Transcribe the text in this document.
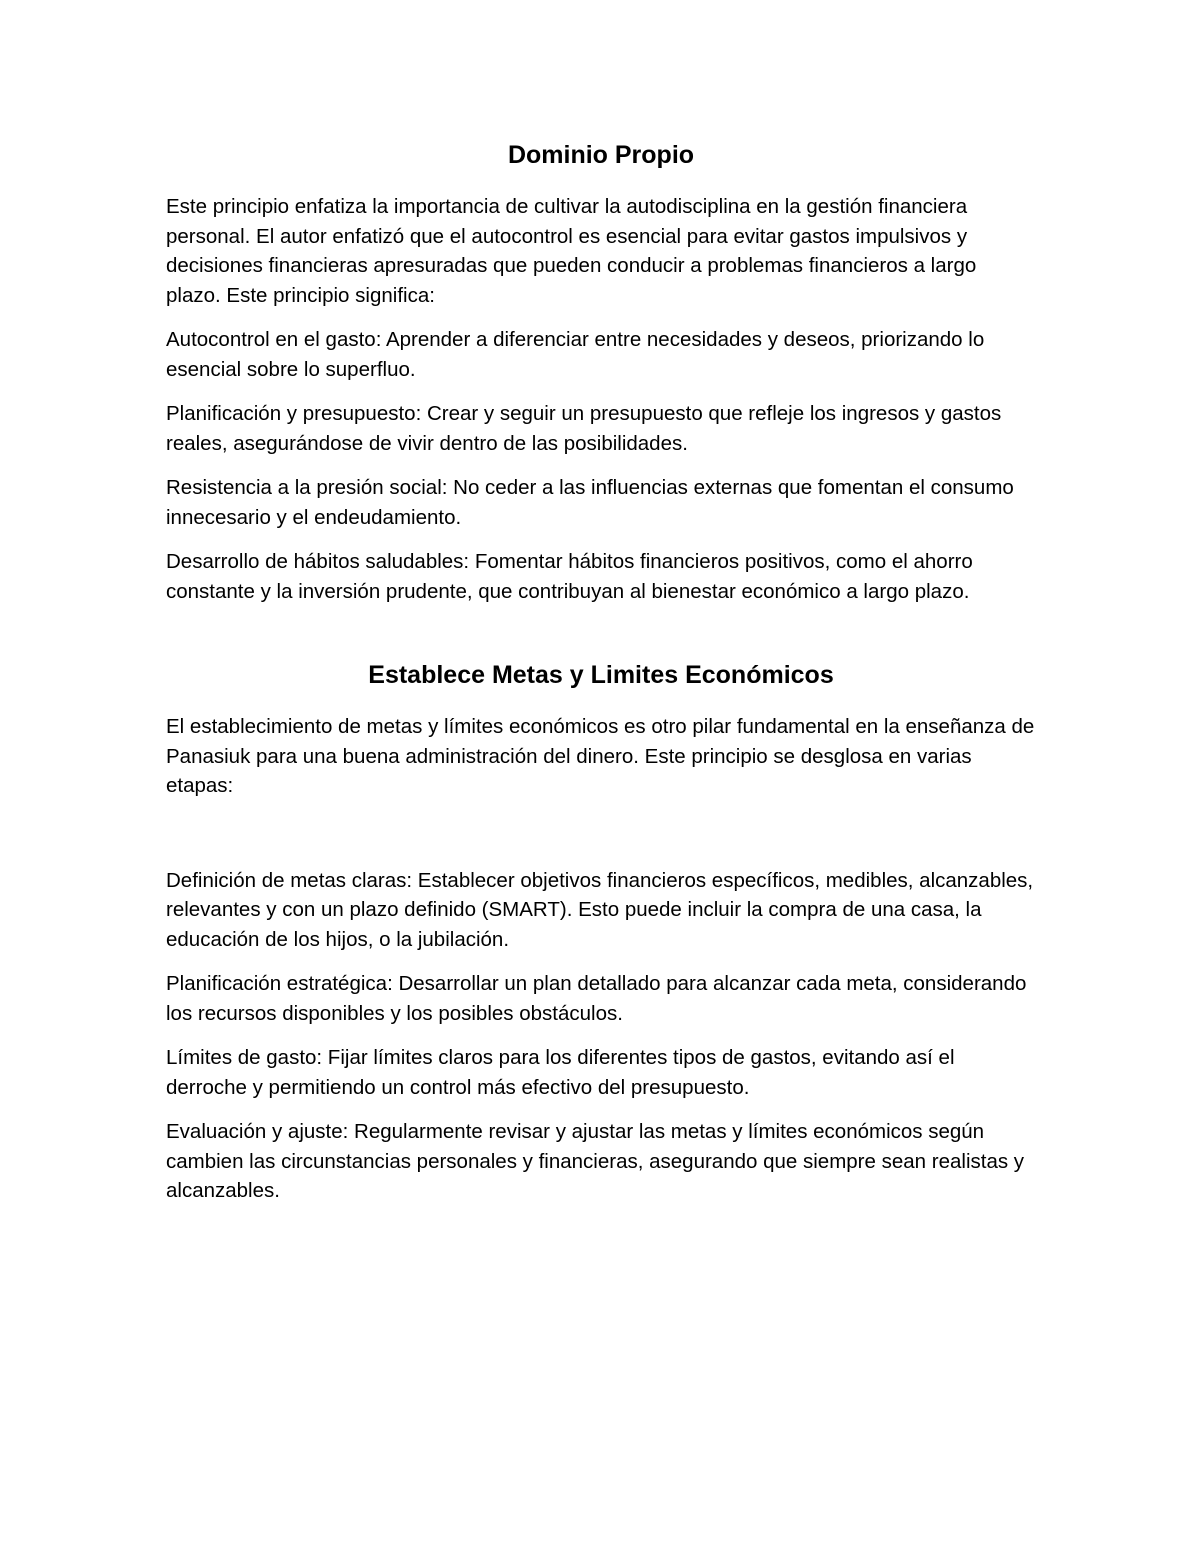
Dominio Propio

Este principio enfatiza la importancia de cultivar la autodisciplina en la gestión financiera personal. El autor enfatizó que el autocontrol es esencial para evitar gastos impulsivos y decisiones financieras apresuradas que pueden conducir a problemas financieros a largo plazo. Este principio significa:

Autocontrol en el gasto: Aprender a diferenciar entre necesidades y deseos, priorizando lo esencial sobre lo superfluo.

Planificación y presupuesto: Crear y seguir un presupuesto que refleje los ingresos y gastos reales, asegurándose de vivir dentro de las posibilidades.

Resistencia a la presión social: No ceder a las influencias externas que fomentan el consumo innecesario y el endeudamiento.

Desarrollo de hábitos saludables: Fomentar hábitos financieros positivos, como el ahorro constante y la inversión prudente, que contribuyan al bienestar económico a largo plazo.

Establece Metas y Limites Económicos

El establecimiento de metas y límites económicos es otro pilar fundamental en la enseñanza de Panasiuk para una buena administración del dinero. Este principio se desglosa en varias etapas:

Definición de metas claras: Establecer objetivos financieros específicos, medibles, alcanzables, relevantes y con un plazo definido (SMART). Esto puede incluir la compra de una casa, la educación de los hijos, o la jubilación.

Planificación estratégica: Desarrollar un plan detallado para alcanzar cada meta, considerando los recursos disponibles y los posibles obstáculos.

Límites de gasto: Fijar límites claros para los diferentes tipos de gastos, evitando así el derroche y permitiendo un control más efectivo del presupuesto.

Evaluación y ajuste: Regularmente revisar y ajustar las metas y límites económicos según cambien las circunstancias personales y financieras, asegurando que siempre sean realistas y alcanzables.
